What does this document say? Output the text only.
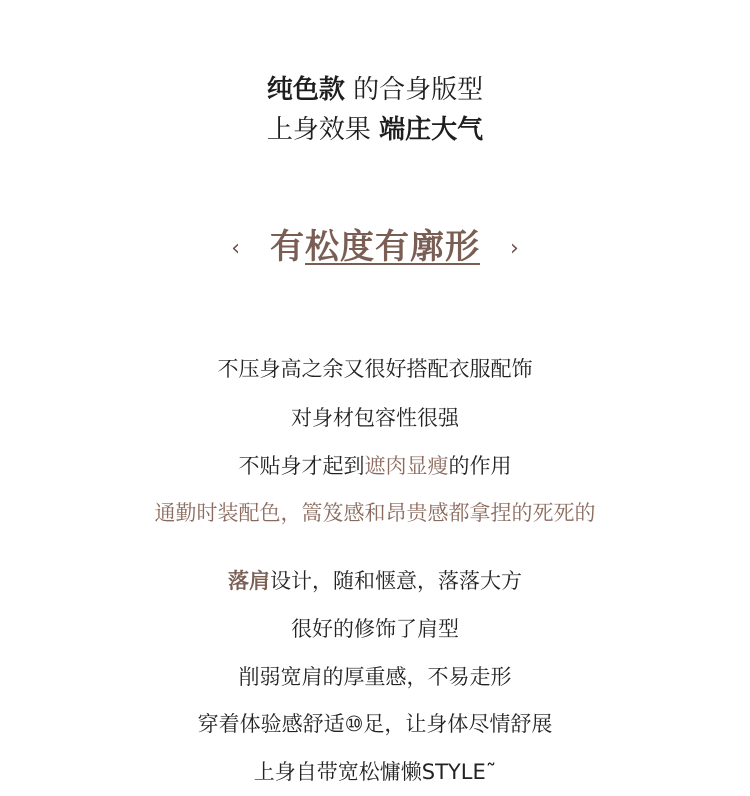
纯色款 的合身版型
上身效果 端庄大气
‹ 有松度有廓形 ›
不压身高之余又很好搭配衣服配饰
对身材包容性很强
不贴身才起到遮肉显瘦的作用
通勤时装配色，篙笈感和昂贵感都拿捏的死死的
落肩设计，随和惬意，落落大方
很好的修饰了肩型
削弱宽肩的厚重感，不易走形
穿着体验感舒适⑩足，让身体尽情舒展
上身自带宽松慵懒STYLE˜
